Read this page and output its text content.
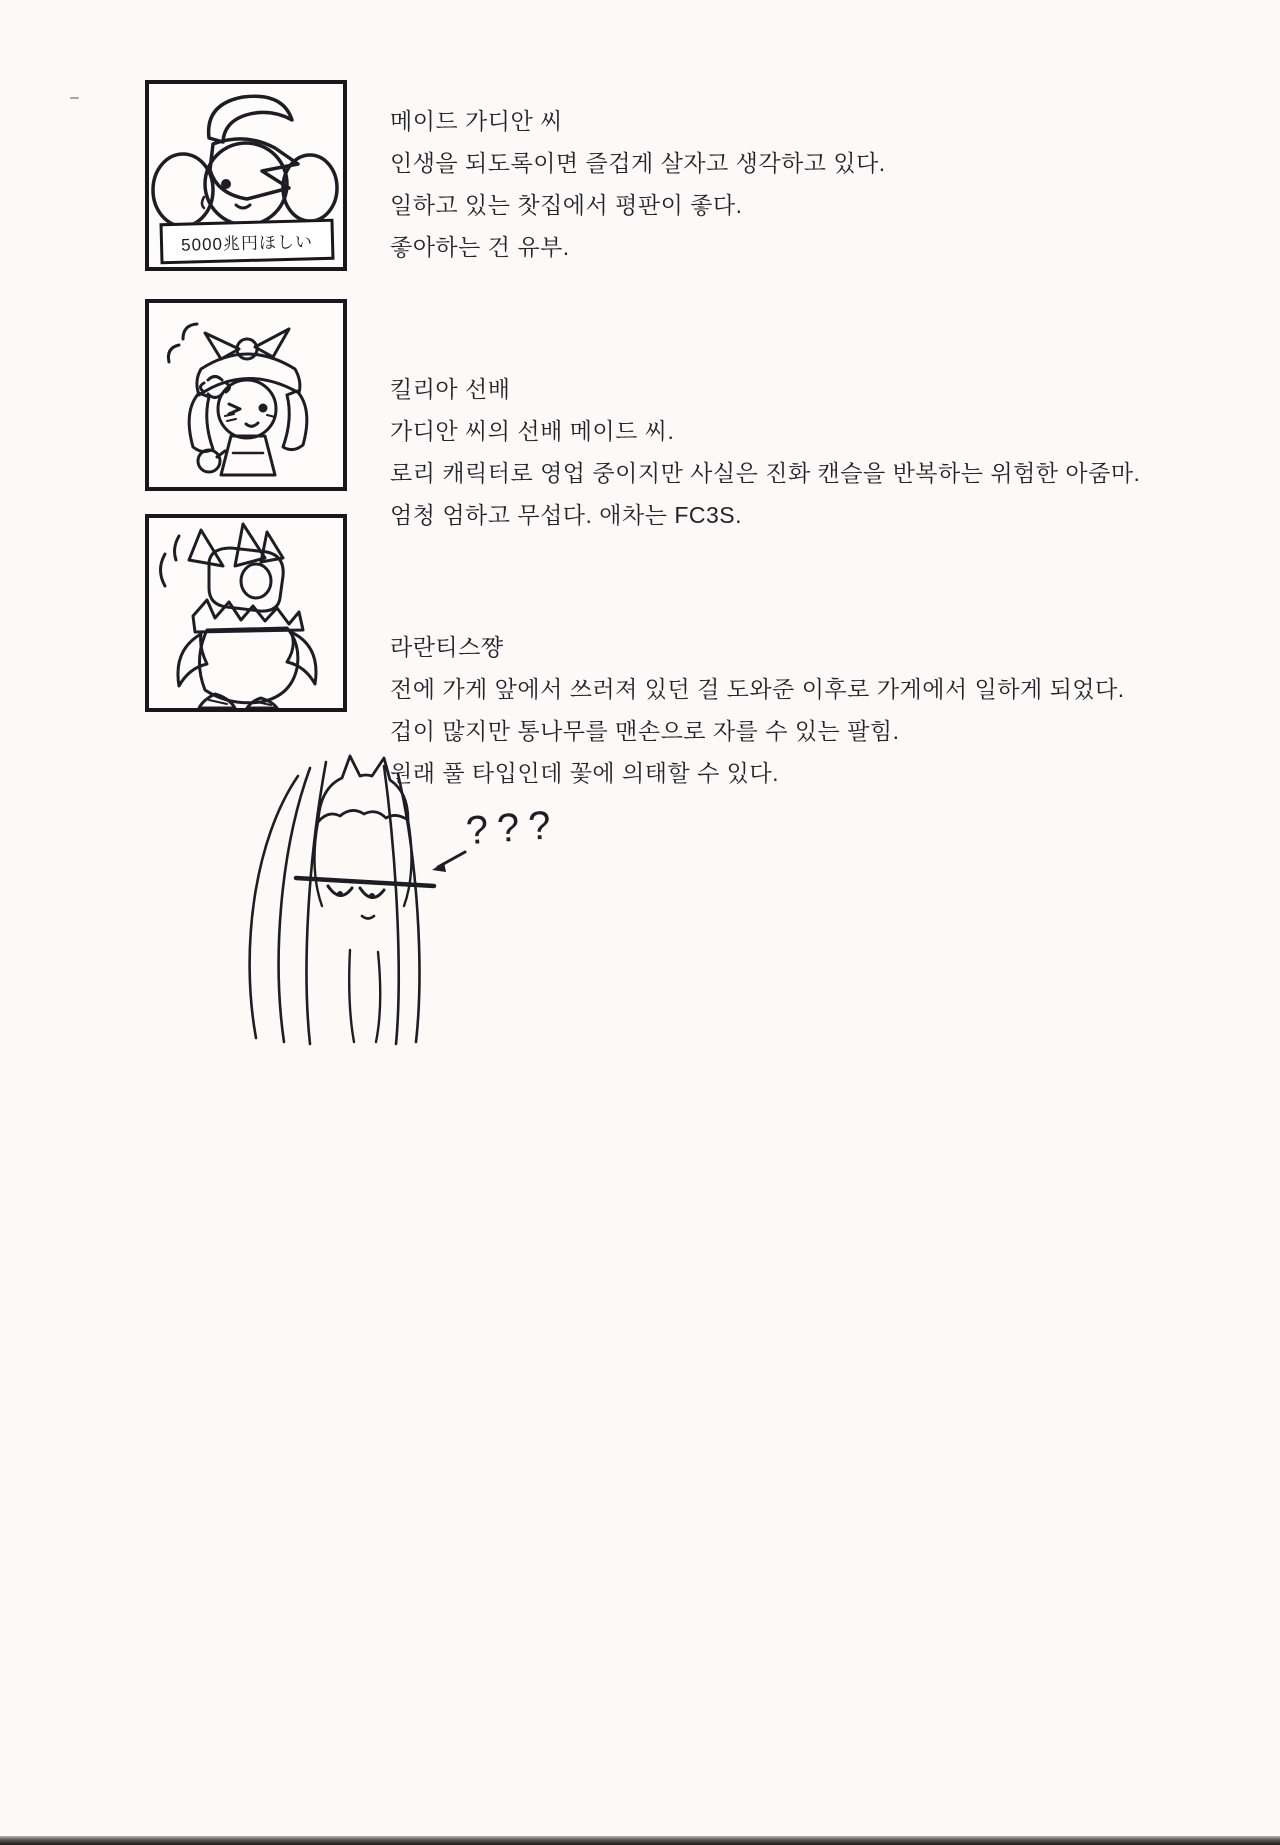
5000兆円ほしい
메이드 가디안 씨
인생을 되도록이면 즐겁게 살자고 생각하고 있다.
일하고 있는 찻집에서 평판이 좋다.
좋아하는 건 유부.
킬리아 선배
가디안 씨의 선배 메이드 씨.
로리 캐릭터로 영업 중이지만 사실은 진화 캔슬을 반복하는 위험한 아줌마.
엄청 엄하고 무섭다. 애차는 FC3S.
라란티스쨩
전에 가게 앞에서 쓰러져 있던 걸 도와준 이후로 가게에서 일하게 되었다.
겁이 많지만 통나무를 맨손으로 자를 수 있는 팔힘.
원래 풀 타입인데 꽃에 의태할 수 있다.
???
